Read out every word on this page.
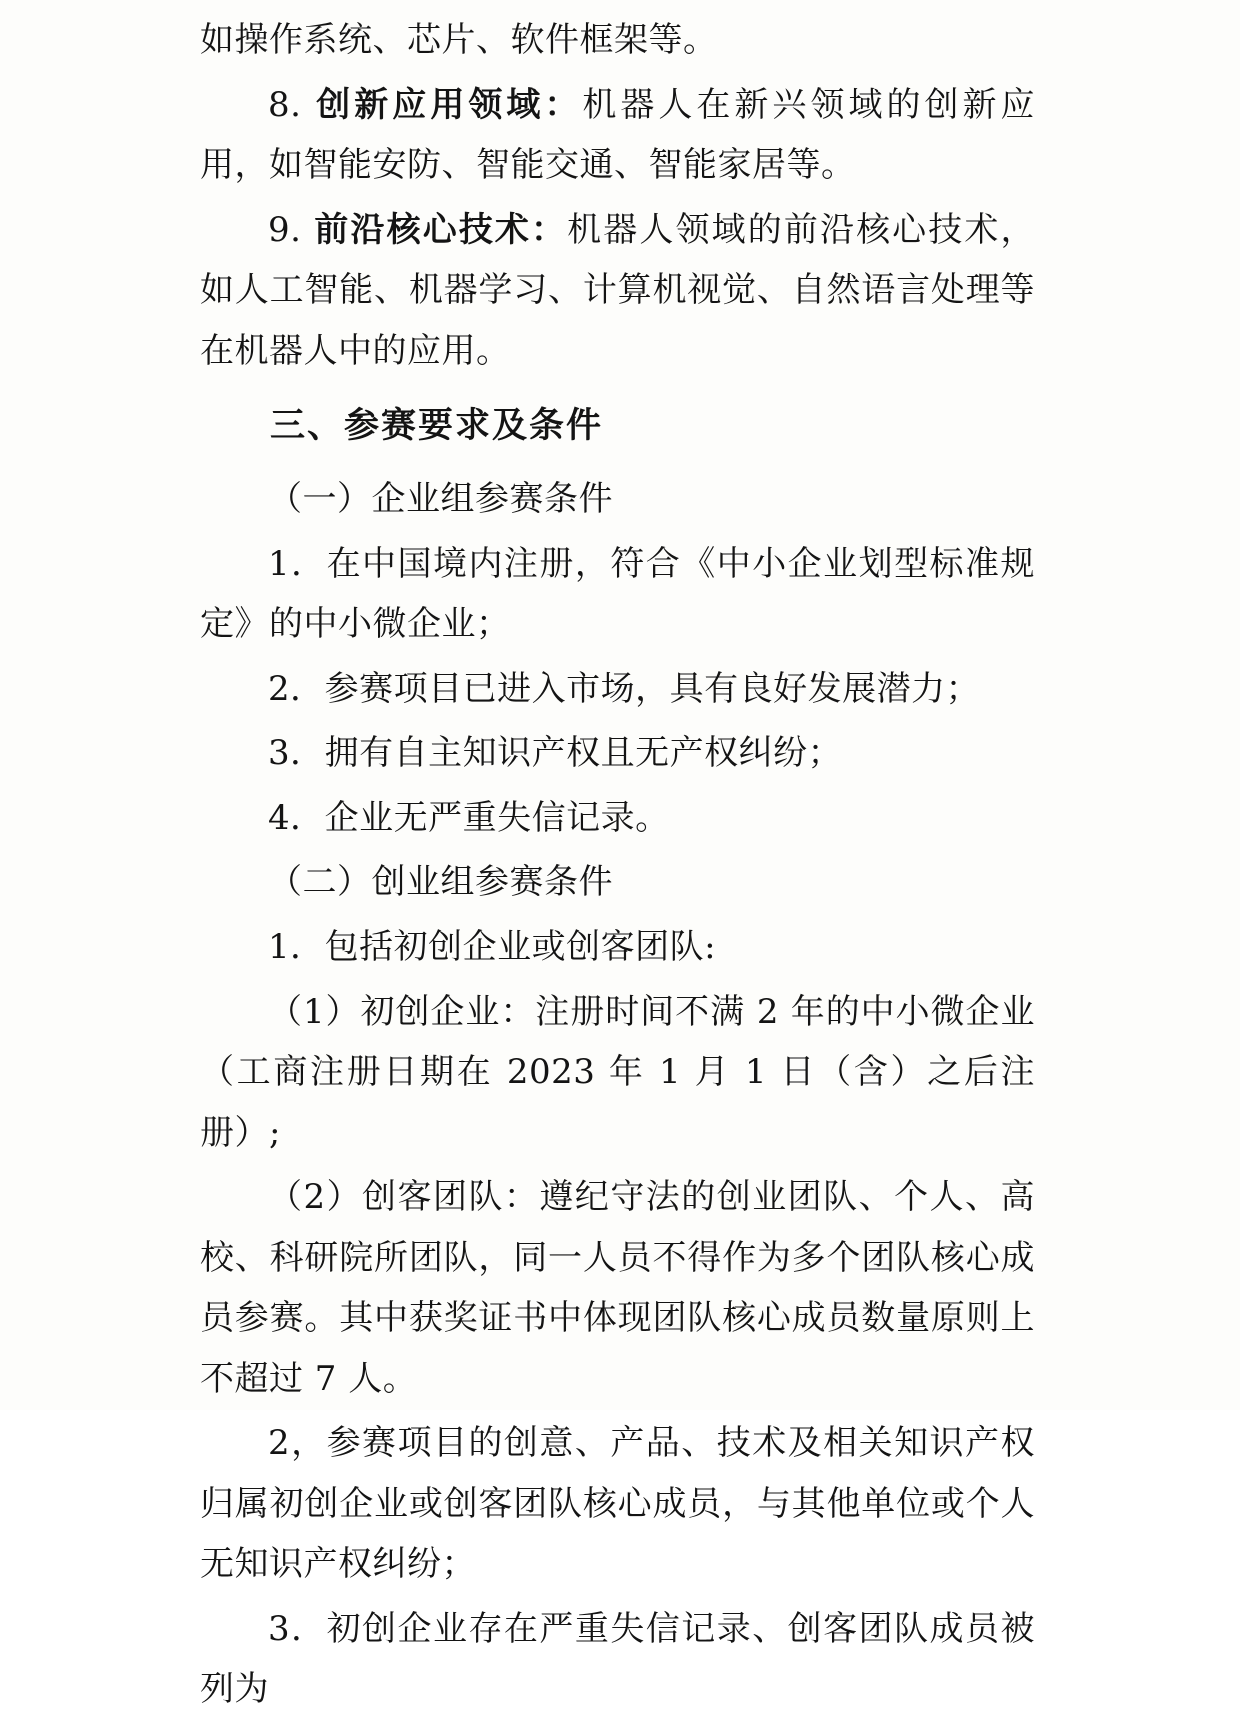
如操作系统、芯片、软件框架等。

8. 创新应用领域：机器人在新兴领域的创新应用，如智能安防、智能交通、智能家居等。

9. 前沿核心技术：机器人领域的前沿核心技术，如人工智能、机器学习、计算机视觉、自然语言处理等在机器人中的应用。

三、参赛要求及条件

（一）企业组参赛条件

1．在中国境内注册，符合《中小企业划型标准规定》的中小微企业；

2．参赛项目已进入市场，具有良好发展潜力；

3．拥有自主知识产权且无产权纠纷；

4．企业无严重失信记录。

（二）创业组参赛条件

1．包括初创企业或创客团队:

（1）初创企业：注册时间不满 2 年的中小微企业（工商注册日期在 2023 年 1 月 1 日（含）之后注册）;

（2）创客团队：遵纪守法的创业团队、个人、高校、科研院所团队，同一人员不得作为多个团队核心成员参赛。其中获奖证书中体现团队核心成员数量原则上不超过 7 人。

2，参赛项目的创意、产品、技术及相关知识产权归属初创企业或创客团队核心成员，与其他单位或个人无知识产权纠纷；

3．初创企业存在严重失信记录、创客团队成员被列为
